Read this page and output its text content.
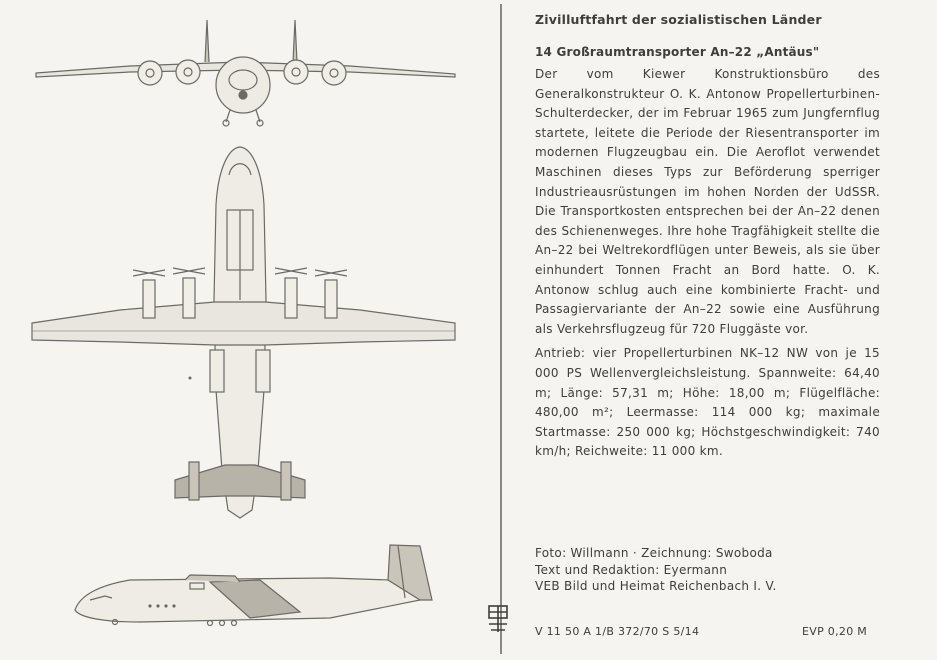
Zivilluftfahrt der sozialistischen Länder
14 Großraumtransporter An–22 „Antäus"

Der vom Kiewer Konstruktionsbüro des Generalkonstrukteur O. K. Antonow Propellerturbinen-Schulterdecker, der im Februar 1965 zum Jungfernflug startete, leitete die Periode der Riesentransporter im modernen Flugzeugbau ein. Die Aeroflot verwendet Maschinen dieses Typs zur Beförderung sperriger Industrieausrüstungen im hohen Norden der UdSSR. Die Transportkosten entsprechen bei der An–22 denen des Schienenweges. Ihre hohe Tragfähigkeit stellte die An–22 bei Weltrekordflügen unter Beweis, als sie über einhundert Tonnen Fracht an Bord hatte. O. K. Antonow schlug auch eine kombinierte Fracht- und Passagiervariante der An–22 sowie eine Ausführung als Verkehrsflugzeug für 720 Fluggäste vor.

Antrieb: vier Propellerturbinen NK–12 NW von je 15 000 PS Wellenvergleichsleistung. Spannweite: 64,40 m; Länge: 57,31 m; Höhe: 18,00 m; Flügelfläche: 480,00 m²; Leermasse: 114 000 kg; maximale Startmasse: 250 000 kg; Höchstgeschwindigkeit: 740 km/h; Reichweite: 11 000 km.

Foto: Willmann · Zeichnung: Swoboda
Text und Redaktion: Eyermann
VEB Bild und Heimat Reichenbach I. V.
V 11 50 A 1/B 372/70 S 5/14	EVP 0,20 M
